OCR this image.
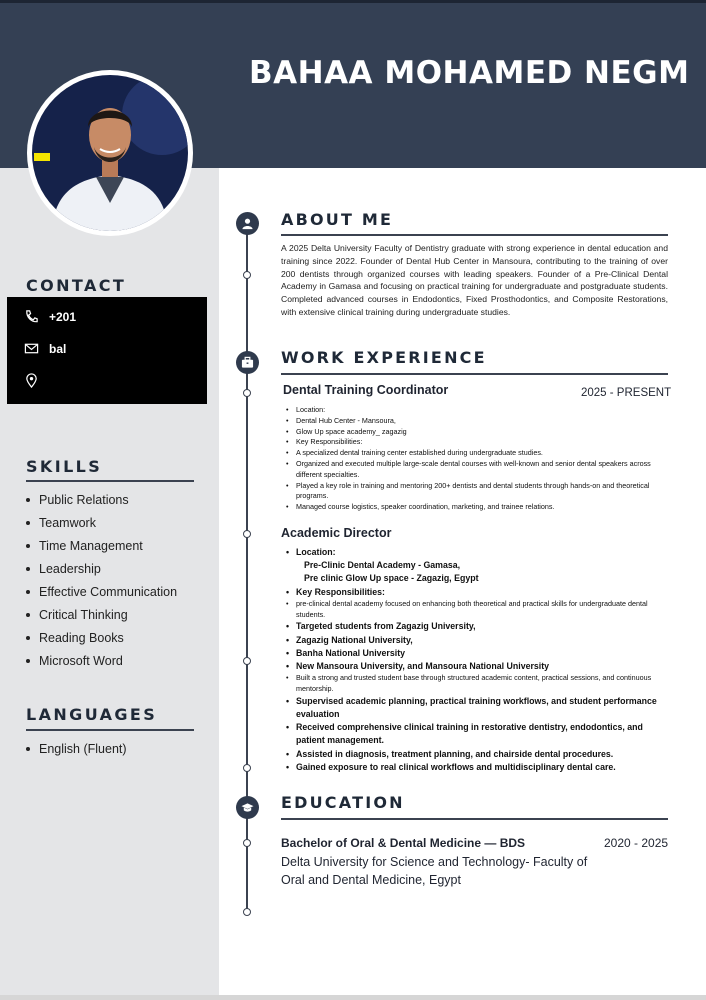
BAHAA MOHAMED NEGM
CONTACT
+201
bal
SKILLS
Public Relations
Teamwork
Time Management
Leadership
Effective Communication
Critical Thinking
Reading Books
Microsoft Word
LANGUAGES
English (Fluent)
ABOUT ME

A 2025 Delta University Faculty of Dentistry graduate with strong experience in dental education and training since 2022. Founder of Dental Hub Center in Mansoura, contributing to the training of over 200 dentists through organized courses with leading speakers. Founder of a Pre-Clinical Dental Academy in Gamasa and focusing on practical training for undergraduate and postgraduate students. Completed advanced courses in Endodontics, Fixed Prosthodontics, and Composite Restorations, with extensive clinical training during undergraduate studies.

WORK EXPERIENCE
Dental Training Coordinator	2025 - PRESENT
• Location:
• Dental Hub Center - Mansoura,
• Glow Up space academy_ zagazig
• Key Responsibilities:
• A specialized dental training center established during undergraduate studies.
• Organized and executed multiple large-scale dental courses with well-known and senior dental speakers across different specialties.
• Played a key role in training and mentoring 200+ dentists and dental students through hands-on and theoretical programs.
• Managed course logistics, speaker coordination, marketing, and trainee relations.
Academic Director
• Location:
Pre-Clinic Dental Academy - Gamasa,
Pre clinic Glow Up space - Zagazig, Egypt
• Key Responsibilities:
• pre-clinical dental academy focused on enhancing both theoretical and practical skills for undergraduate dental students.
• Targeted students from Zagazig University,
• Zagazig National University,
• Banha National University
• New Mansoura University, and Mansoura National University
• Built a strong and trusted student base through structured academic content, practical sessions, and continuous mentorship.
• Supervised academic planning, practical training workflows, and student performance evaluation
• Received comprehensive clinical training in restorative dentistry, endodontics, and patient management.
• Assisted in diagnosis, treatment planning, and chairside dental procedures.
• Gained exposure to real clinical workflows and multidisciplinary dental care.
EDUCATION
Bachelor of Oral & Dental Medicine — BDS	2020 - 2025
Delta University for Science and Technology- Faculty of Oral and Dental Medicine, Egypt
